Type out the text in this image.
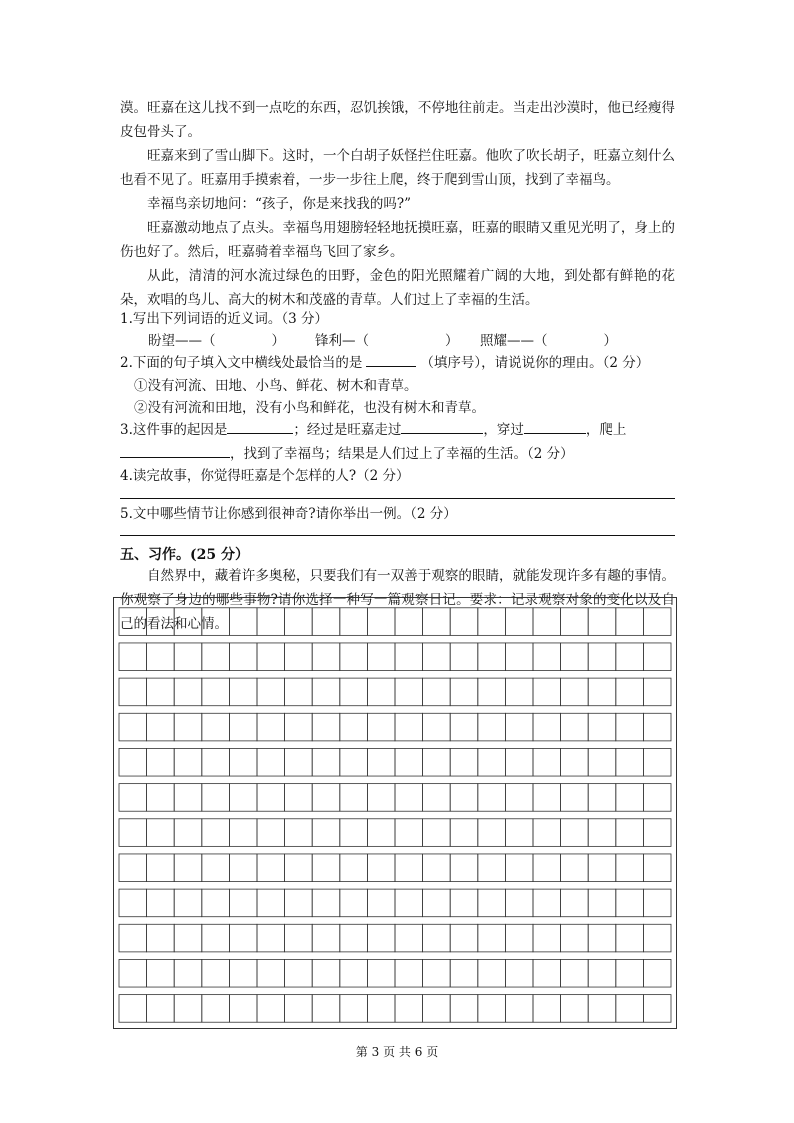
漠。旺嘉在这儿找不到一点吃的东西，忍饥挨饿，不停地往前走。当走出沙漠时，他已经瘦得皮包骨头了。

旺嘉来到了雪山脚下。这时，一个白胡子妖怪拦住旺嘉。他吹了吹长胡子，旺嘉立刻什么也看不见了。旺嘉用手摸索着，一步一步往上爬，终于爬到雪山顶，找到了幸福鸟。

幸福鸟亲切地问：“孩子，你是来找我的吗?”

旺嘉激动地点了点头。幸福鸟用翅膀轻轻地抚摸旺嘉，旺嘉的眼睛又重见光明了，身上的伤也好了。然后，旺嘉骑着幸福鸟飞回了家乡。

从此，清清的河水流过绿色的田野，金色的阳光照耀着广阔的大地，到处都有鲜艳的花朵，欢唱的鸟儿、高大的树木和茂盛的青草。人们过上了幸福的生活。

1.写出下列词语的近义词。（3 分）

盼望——（	） 锋利—（	） 照耀——（	）

2.下面的句子填入文中横线处最恰当的是	（填序号），请说说你的理由。（2 分）

①没有河流、田地、小鸟、鲜花、树木和青草。

②没有河流和田地，没有小鸟和鲜花，也没有树木和青草。

3.这件事的起因是	；经过是旺嘉走过	，穿过	，爬上

，找到了幸福鸟；结果是人们过上了幸福的生活。（2 分）

4.读完故事，你觉得旺嘉是个怎样的人?（2 分）

5.文中哪些情节让你感到很神奇?请你举出一例。（2 分）

五、习作。(25 分）

自然界中，藏着许多奥秘，只要我们有一双善于观察的眼睛，就能发现许多有趣的事情。你观察了身边的哪些事物?请你选择一种写一篇观察日记。要求：记录观察对象的变化以及自己的看法和心情。

第 3 页 共 6 页
